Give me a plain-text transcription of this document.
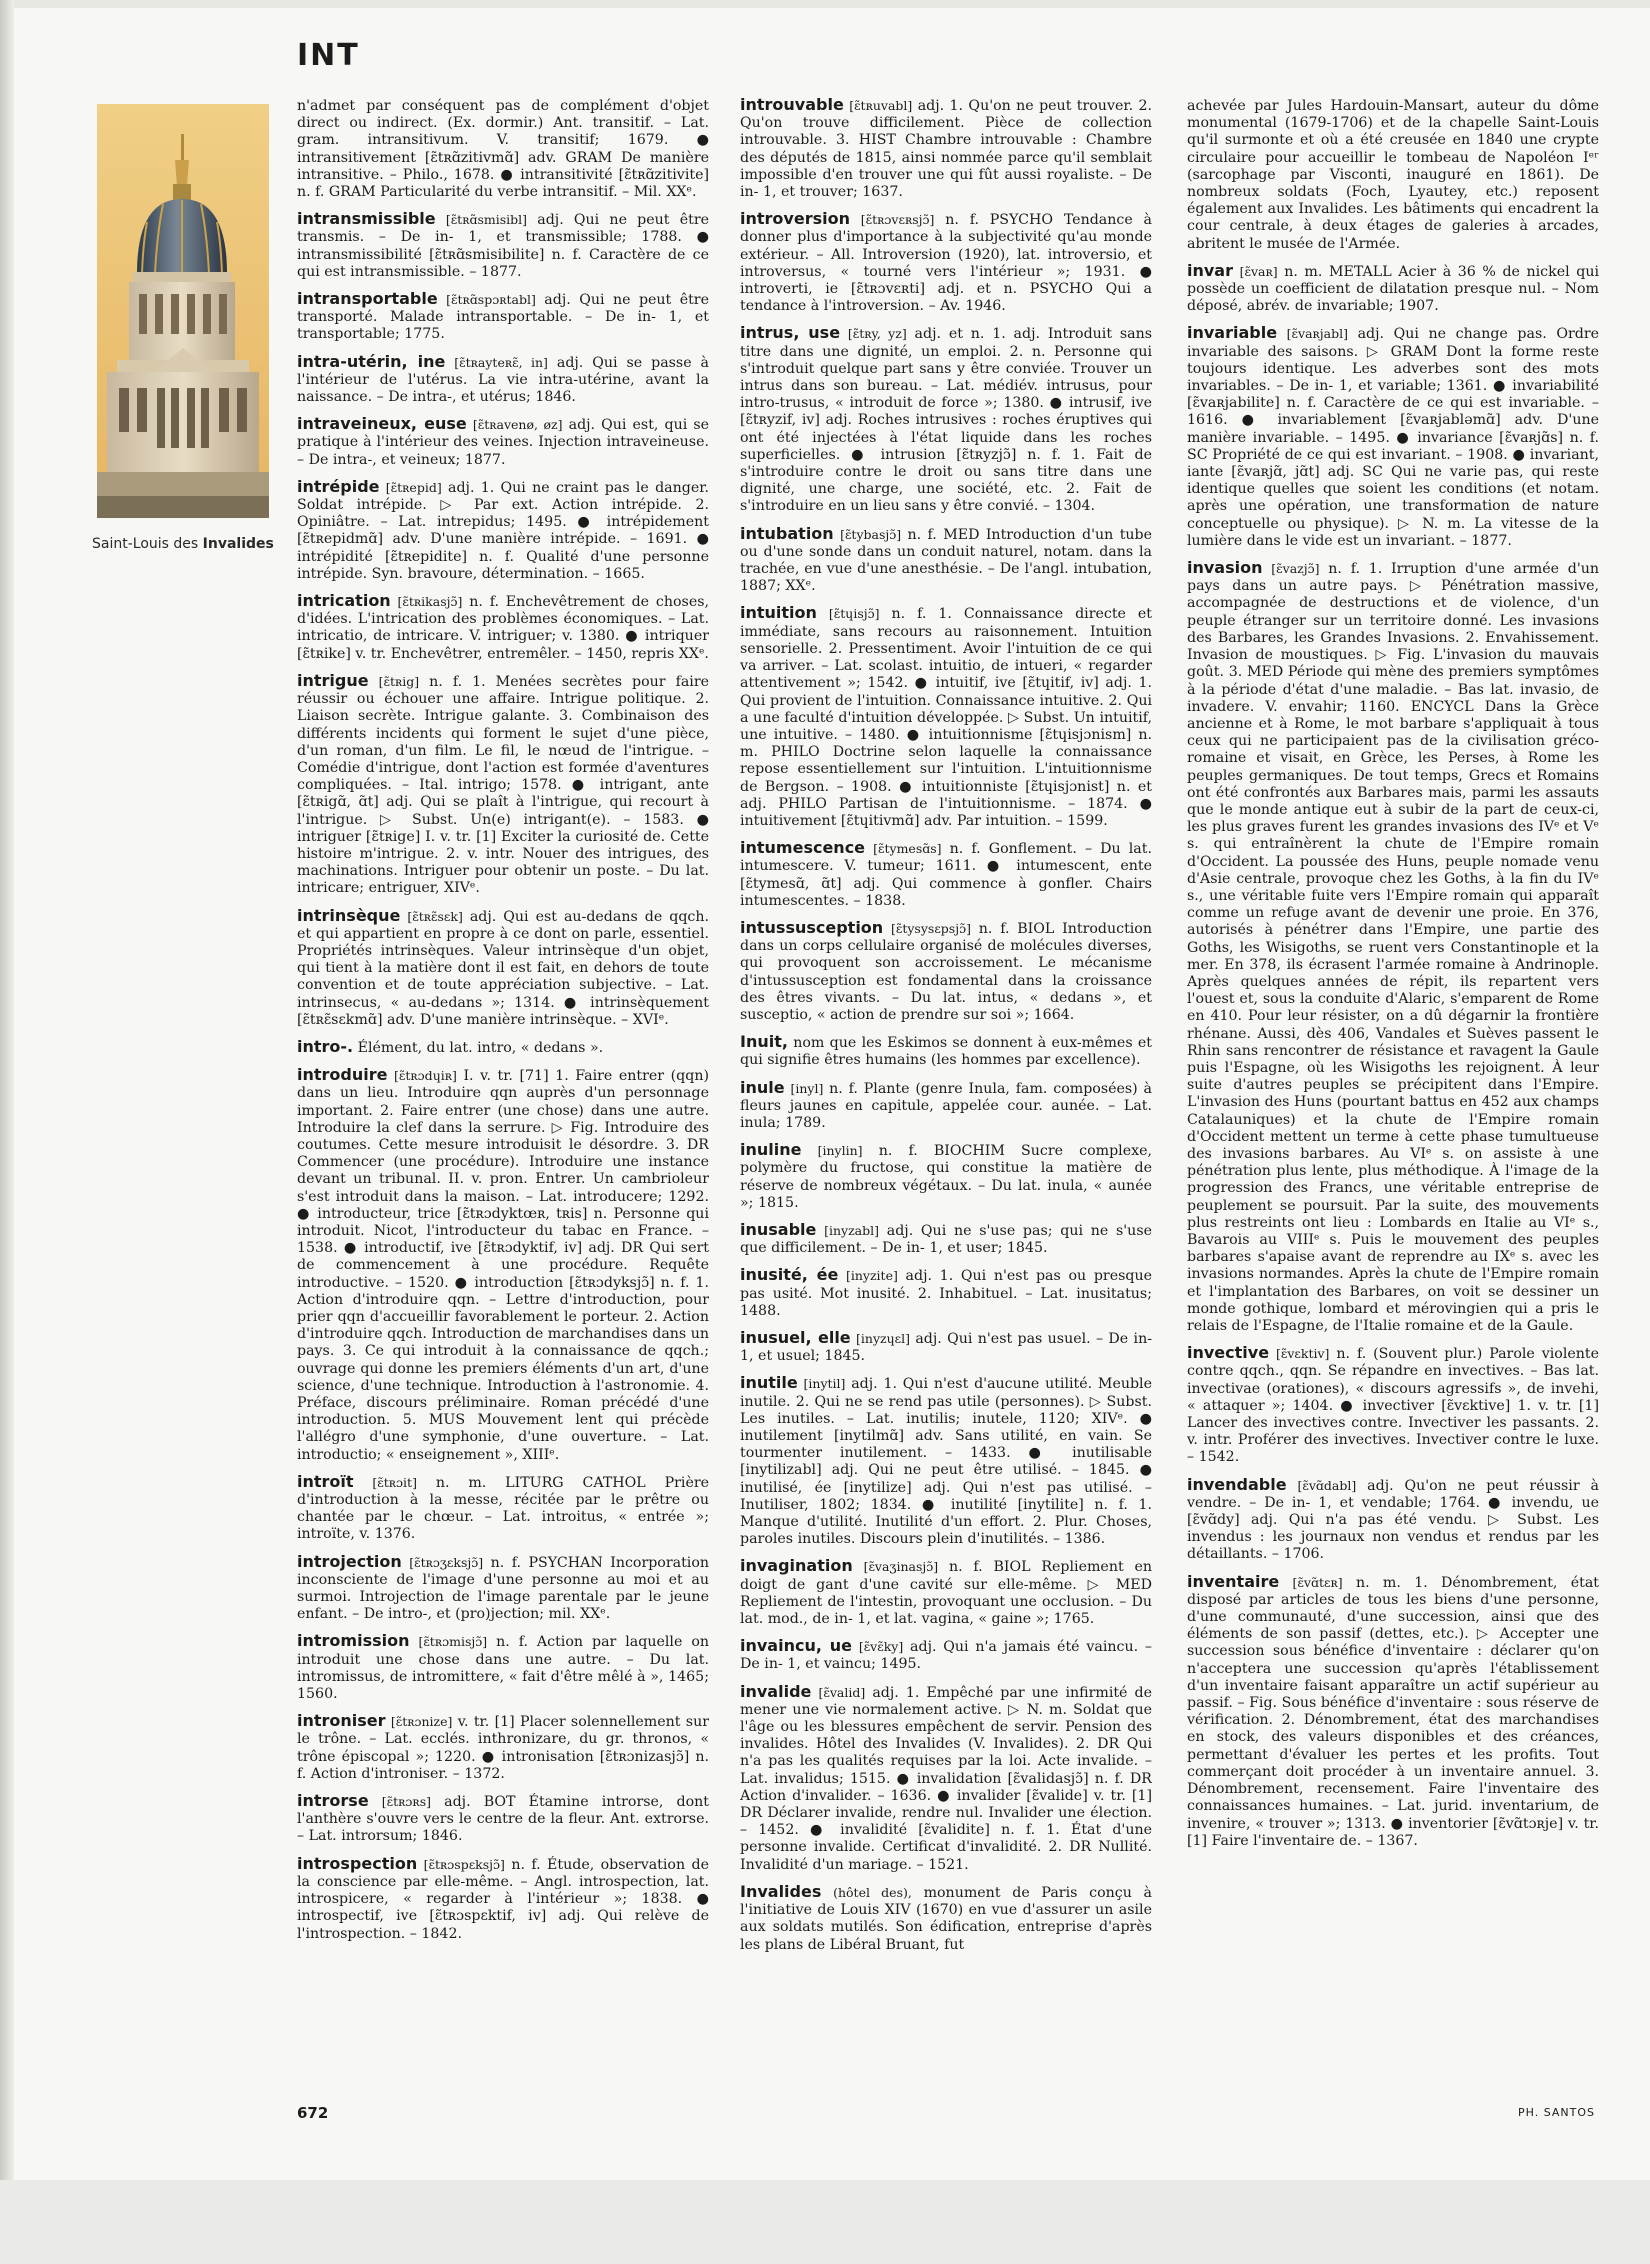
INT
Saint-Louis des Invalides

n'admet par conséquent pas de complément d'objet direct ou indirect. (Ex. dormir.) Ant. transitif. – Lat. gram. intransitivum. V. transitif; 1679. ● intransitivement [ɛ̃tʀɑ̃zitivmɑ̃] adv. GRAM De manière intransitive. – Philo., 1678. ● intransitivité [ɛ̃tʀɑ̃zitivite] n. f. GRAM Particularité du verbe intransitif. – Mil. XXᵉ.

intransmissible [ɛ̃tʀɑ̃smisibl] adj. Qui ne peut être transmis. – De in- 1, et transmissible; 1788. ● intransmissibilité [ɛ̃tʀɑ̃smisibilite] n. f. Caractère de ce qui est intransmissible. – 1877.

intransportable [ɛ̃tʀɑ̃spɔʀtabl] adj. Qui ne peut être transporté. Malade intransportable. – De in- 1, et transportable; 1775.

intra-utérin, ine [ɛ̃tʀayteʀɛ̃, in] adj. Qui se passe à l'intérieur de l'utérus. La vie intra-utérine, avant la naissance. – De intra-, et utérus; 1846.

intraveineux, euse [ɛ̃tʀavenø, øz] adj. Qui est, qui se pratique à l'intérieur des veines. Injection intraveineuse. – De intra-, et veineux; 1877.

intrépide [ɛ̃tʀepid] adj. 1. Qui ne craint pas le danger. Soldat intrépide. ▷ Par ext. Action intrépide. 2. Opiniâtre. – Lat. intrepidus; 1495. ● intrépidement [ɛ̃tʀepidmɑ̃] adv. D'une manière intrépide. – 1691. ● intrépidité [ɛ̃tʀepidite] n. f. Qualité d'une personne intrépide. Syn. bravoure, détermination. – 1665.

intrication [ɛ̃tʀikasjɔ̃] n. f. Enchevêtrement de choses, d'idées. L'intrication des problèmes économiques. – Lat. intricatio, de intricare. V. intriguer; v. 1380. ● intriquer [ɛ̃tʀike] v. tr. Enchevêtrer, entremêler. – 1450, repris XXᵉ.

intrigue [ɛ̃tʀig] n. f. 1. Menées secrètes pour faire réussir ou échouer une affaire. Intrigue politique. 2. Liaison secrète. Intrigue galante. 3. Combinaison des différents incidents qui forment le sujet d'une pièce, d'un roman, d'un film. Le fil, le nœud de l'intrigue. – Comédie d'intrigue, dont l'action est formée d'aventures compliquées. – Ital. intrigo; 1578. ● intrigant, ante [ɛ̃tʀigɑ̃, ɑ̃t] adj. Qui se plaît à l'intrigue, qui recourt à l'intrigue. ▷ Subst. Un(e) intrigant(e). – 1583. ● intriguer [ɛ̃tʀige] I. v. tr. [1] Exciter la curiosité de. Cette histoire m'intrigue. 2. v. intr. Nouer des intrigues, des machinations. Intriguer pour obtenir un poste. – Du lat. intricare; entriguer, XIVᵉ.

intrinsèque [ɛ̃tʀɛ̃sɛk] adj. Qui est au-dedans de qqch. et qui appartient en propre à ce dont on parle, essentiel. Propriétés intrinsèques. Valeur intrinsèque d'un objet, qui tient à la matière dont il est fait, en dehors de toute convention et de toute appréciation subjective. – Lat. intrinsecus, « au-dedans »; 1314. ● intrinsèquement [ɛ̃tʀɛ̃sɛkmɑ̃] adv. D'une manière intrinsèque. – XVIᵉ.

intro-. Élément, du lat. intro, « dedans ».

introduire [ɛ̃tʀɔdɥiʀ] I. v. tr. [71] 1. Faire entrer (qqn) dans un lieu. Introduire qqn auprès d'un personnage important. 2. Faire entrer (une chose) dans une autre. Introduire la clef dans la serrure. ▷ Fig. Introduire des coutumes. Cette mesure introduisit le désordre. 3. DR Commencer (une procédure). Introduire une instance devant un tribunal. II. v. pron. Entrer. Un cambrioleur s'est introduit dans la maison. – Lat. introducere; 1292. ● introducteur, trice [ɛ̃tʀɔdyktœʀ, tʀis] n. Personne qui introduit. Nicot, l'introducteur du tabac en France. – 1538. ● introductif, ive [ɛ̃tʀɔdyktif, iv] adj. DR Qui sert de commencement à une procédure. Requête introductive. – 1520. ● introduction [ɛ̃tʀɔdyksjɔ̃] n. f. 1. Action d'introduire qqn. – Lettre d'introduction, pour prier qqn d'accueillir favorablement le porteur. 2. Action d'introduire qqch. Introduction de marchandises dans un pays. 3. Ce qui introduit à la connaissance de qqch.; ouvrage qui donne les premiers éléments d'un art, d'une science, d'une technique. Introduction à l'astronomie. 4. Préface, discours préliminaire. Roman précédé d'une introduction. 5. MUS Mouvement lent qui précède l'allégro d'une symphonie, d'une ouverture. – Lat. introductio; « enseignement », XIIIᵉ.

introït [ɛ̃tʀɔit] n. m. LITURG CATHOL Prière d'introduction à la messe, récitée par le prêtre ou chantée par le chœur. – Lat. introitus, « entrée »; introïte, v. 1376.

introjection [ɛ̃tʀɔʒɛksjɔ̃] n. f. PSYCHAN Incorporation inconsciente de l'image d'une personne au moi et au surmoi. Introjection de l'image parentale par le jeune enfant. – De intro-, et (pro)jection; mil. XXᵉ.

intromission [ɛ̃tʀɔmisjɔ̃] n. f. Action par laquelle on introduit une chose dans une autre. – Du lat. intromissus, de intromittere, « fait d'être mêlé à », 1465; 1560.

introniser [ɛ̃tʀɔnize] v. tr. [1] Placer solennellement sur le trône. – Lat. ecclés. inthronizare, du gr. thronos, « trône épiscopal »; 1220. ● intronisation [ɛ̃tʀɔnizasjɔ̃] n. f. Action d'introniser. – 1372.

introrse [ɛ̃tʀɔʀs] adj. BOT Étamine introrse, dont l'anthère s'ouvre vers le centre de la fleur. Ant. extrorse. – Lat. introrsum; 1846.

introspection [ɛ̃tʀɔspɛksjɔ̃] n. f. Étude, observation de la conscience par elle-même. – Angl. introspection, lat. introspicere, « regarder à l'intérieur »; 1838. ● introspectif, ive [ɛ̃tʀɔspɛktif, iv] adj. Qui relève de l'introspection. – 1842.

introuvable [ɛ̃tʀuvabl] adj. 1. Qu'on ne peut trouver. 2. Qu'on trouve difficilement. Pièce de collection introuvable. 3. HIST Chambre introuvable : Chambre des députés de 1815, ainsi nommée parce qu'il semblait impossible d'en trouver une qui fût aussi royaliste. – De in- 1, et trouver; 1637.

introversion [ɛ̃tʀɔvɛʀsjɔ̃] n. f. PSYCHO Tendance à donner plus d'importance à la subjectivité qu'au monde extérieur. – All. Introversion (1920), lat. introversio, et introversus, « tourné vers l'intérieur »; 1931. ● introverti, ie [ɛ̃tʀɔvɛʀti] adj. et n. PSYCHO Qui a tendance à l'introversion. – Av. 1946.

intrus, use [ɛ̃tʀy, yz] adj. et n. 1. adj. Introduit sans titre dans une dignité, un emploi. 2. n. Personne qui s'introduit quelque part sans y être conviée. Trouver un intrus dans son bureau. – Lat. médiév. intrusus, pour intro-trusus, « introduit de force »; 1380. ● intrusif, ive [ɛ̃tʀyzif, iv] adj. Roches intrusives : roches éruptives qui ont été injectées à l'état liquide dans les roches superficielles. ● intrusion [ɛ̃tʀyzjɔ̃] n. f. 1. Fait de s'introduire contre le droit ou sans titre dans une dignité, une charge, une société, etc. 2. Fait de s'introduire en un lieu sans y être convié. – 1304.

intubation [ɛ̃tybasjɔ̃] n. f. MED Introduction d'un tube ou d'une sonde dans un conduit naturel, notam. dans la trachée, en vue d'une anesthésie. – De l'angl. intubation, 1887; XXᵉ.

intuition [ɛ̃tɥisjɔ̃] n. f. 1. Connaissance directe et immédiate, sans recours au raisonnement. Intuition sensorielle. 2. Pressentiment. Avoir l'intuition de ce qui va arriver. – Lat. scolast. intuitio, de intueri, « regarder attentivement »; 1542. ● intuitif, ive [ɛ̃tɥitif, iv] adj. 1. Qui provient de l'intuition. Connaissance intuitive. 2. Qui a une faculté d'intuition développée. ▷ Subst. Un intuitif, une intuitive. – 1480. ● intuitionnisme [ɛ̃tɥisjɔnism] n. m. PHILO Doctrine selon laquelle la connaissance repose essentiellement sur l'intuition. L'intuitionnisme de Bergson. – 1908. ● intuitionniste [ɛ̃tɥisjɔnist] n. et adj. PHILO Partisan de l'intuitionnisme. – 1874. ● intuitivement [ɛ̃tɥitivmɑ̃] adv. Par intuition. – 1599.

intumescence [ɛ̃tymesɑ̃s] n. f. Gonflement. – Du lat. intumescere. V. tumeur; 1611. ● intumescent, ente [ɛ̃tymesɑ̃, ɑ̃t] adj. Qui commence à gonfler. Chairs intumescentes. – 1838.

intussusception [ɛ̃tysysɛpsjɔ̃] n. f. BIOL Introduction dans un corps cellulaire organisé de molécules diverses, qui provoquent son accroissement. Le mécanisme d'intussusception est fondamental dans la croissance des êtres vivants. – Du lat. intus, « dedans », et susceptio, « action de prendre sur soi »; 1664.

Inuit, nom que les Eskimos se donnent à eux-mêmes et qui signifie êtres humains (les hommes par excellence).

inule [inyl] n. f. Plante (genre Inula, fam. composées) à fleurs jaunes en capitule, appelée cour. aunée. – Lat. inula; 1789.

inuline [inylin] n. f. BIOCHIM Sucre complexe, polymère du fructose, qui constitue la matière de réserve de nombreux végétaux. – Du lat. inula, « aunée »; 1815.

inusable [inyzabl] adj. Qui ne s'use pas; qui ne s'use que difficilement. – De in- 1, et user; 1845.

inusité, ée [inyzite] adj. 1. Qui n'est pas ou presque pas usité. Mot inusité. 2. Inhabituel. – Lat. inusitatus; 1488.

inusuel, elle [inyzɥɛl] adj. Qui n'est pas usuel. – De in- 1, et usuel; 1845.

inutile [inytil] adj. 1. Qui n'est d'aucune utilité. Meuble inutile. 2. Qui ne se rend pas utile (personnes). ▷ Subst. Les inutiles. – Lat. inutilis; inutele, 1120; XIVᵉ. ● inutilement [inytilmɑ̃] adv. Sans utilité, en vain. Se tourmenter inutilement. – 1433. ● inutilisable [inytilizabl] adj. Qui ne peut être utilisé. – 1845. ● inutilisé, ée [inytilize] adj. Qui n'est pas utilisé. – Inutiliser, 1802; 1834. ● inutilité [inytilite] n. f. 1. Manque d'utilité. Inutilité d'un effort. 2. Plur. Choses, paroles inutiles. Discours plein d'inutilités. – 1386.

invagination [ɛ̃vaʒinasjɔ̃] n. f. BIOL Repliement en doigt de gant d'une cavité sur elle-même. ▷ MED Repliement de l'intestin, provoquant une occlusion. – Du lat. mod., de in- 1, et lat. vagina, « gaine »; 1765.

invaincu, ue [ɛ̃vɛ̃ky] adj. Qui n'a jamais été vaincu. – De in- 1, et vaincu; 1495.

invalide [ɛ̃valid] adj. 1. Empêché par une infirmité de mener une vie normalement active. ▷ N. m. Soldat que l'âge ou les blessures empêchent de servir. Pension des invalides. Hôtel des Invalides (V. Invalides). 2. DR Qui n'a pas les qualités requises par la loi. Acte invalide. – Lat. invalidus; 1515. ● invalidation [ɛ̃validasjɔ̃] n. f. DR Action d'invalider. – 1636. ● invalider [ɛ̃valide] v. tr. [1] DR Déclarer invalide, rendre nul. Invalider une élection. – 1452. ● invalidité [ɛ̃validite] n. f. 1. État d'une personne invalide. Certificat d'invalidité. 2. DR Nullité. Invalidité d'un mariage. – 1521.

Invalides (hôtel des), monument de Paris conçu à l'initiative de Louis XIV (1670) en vue d'assurer un asile aux soldats mutilés. Son édification, entreprise d'après les plans de Libéral Bruant, fut

achevée par Jules Hardouin-Mansart, auteur du dôme monumental (1679-1706) et de la chapelle Saint-Louis qu'il surmonte et où a été creusée en 1840 une crypte circulaire pour accueillir le tombeau de Napoléon Iᵉʳ (sarcophage par Visconti, inauguré en 1861). De nombreux soldats (Foch, Lyautey, etc.) reposent également aux Invalides. Les bâtiments qui encadrent la cour centrale, à deux étages de galeries à arcades, abritent le musée de l'Armée.

invar [ɛ̃vaʀ] n. m. METALL Acier à 36 % de nickel qui possède un coefficient de dilatation presque nul. – Nom déposé, abrév. de invariable; 1907.

invariable [ɛ̃vaʀjabl] adj. Qui ne change pas. Ordre invariable des saisons. ▷ GRAM Dont la forme reste toujours identique. Les adverbes sont des mots invariables. – De in- 1, et variable; 1361. ● invariabilité [ɛ̃vaʀjabilite] n. f. Caractère de ce qui est invariable. – 1616. ● invariablement [ɛ̃vaʀjabləmɑ̃] adv. D'une manière invariable. – 1495. ● invariance [ɛ̃vaʀjɑ̃s] n. f. SC Propriété de ce qui est invariant. – 1908. ● invariant, iante [ɛ̃vaʀjɑ̃, jɑ̃t] adj. SC Qui ne varie pas, qui reste identique quelles que soient les conditions (et notam. après une opération, une transformation de nature conceptuelle ou physique). ▷ N. m. La vitesse de la lumière dans le vide est un invariant. – 1877.

invasion [ɛ̃vazjɔ̃] n. f. 1. Irruption d'une armée d'un pays dans un autre pays. ▷ Pénétration massive, accompagnée de destructions et de violence, d'un peuple étranger sur un territoire donné. Les invasions des Barbares, les Grandes Invasions. 2. Envahissement. Invasion de moustiques. ▷ Fig. L'invasion du mauvais goût. 3. MED Période qui mène des premiers symptômes à la période d'état d'une maladie. – Bas lat. invasio, de invadere. V. envahir; 1160. ENCYCL Dans la Grèce ancienne et à Rome, le mot barbare s'appliquait à tous ceux qui ne participaient pas de la civilisation gréco-romaine et visait, en Grèce, les Perses, à Rome les peuples germaniques. De tout temps, Grecs et Romains ont été confrontés aux Barbares mais, parmi les assauts que le monde antique eut à subir de la part de ceux-ci, les plus graves furent les grandes invasions des IVᵉ et Vᵉ s. qui entraînèrent la chute de l'Empire romain d'Occident. La poussée des Huns, peuple nomade venu d'Asie centrale, provoque chez les Goths, à la fin du IVᵉ s., une véritable fuite vers l'Empire romain qui apparaît comme un refuge avant de devenir une proie. En 376, autorisés à pénétrer dans l'Empire, une partie des Goths, les Wisigoths, se ruent vers Constantinople et la mer. En 378, ils écrasent l'armée romaine à Andrinople. Après quelques années de répit, ils repartent vers l'ouest et, sous la conduite d'Alaric, s'emparent de Rome en 410. Pour leur résister, on a dû dégarnir la frontière rhénane. Aussi, dès 406, Vandales et Suèves passent le Rhin sans rencontrer de résistance et ravagent la Gaule puis l'Espagne, où les Wisigoths les rejoignent. À leur suite d'autres peuples se précipitent dans l'Empire. L'invasion des Huns (pourtant battus en 452 aux champs Catalauniques) et la chute de l'Empire romain d'Occident mettent un terme à cette phase tumultueuse des invasions barbares. Au VIᵉ s. on assiste à une pénétration plus lente, plus méthodique. À l'image de la progression des Francs, une véritable entreprise de peuplement se poursuit. Par la suite, des mouvements plus restreints ont lieu : Lombards en Italie au VIᵉ s., Bavarois au VIIIᵉ s. Puis le mouvement des peuples barbares s'apaise avant de reprendre au IXᵉ s. avec les invasions normandes. Après la chute de l'Empire romain et l'implantation des Barbares, on voit se dessiner un monde gothique, lombard et mérovingien qui a pris le relais de l'Espagne, de l'Italie romaine et de la Gaule.

invective [ɛ̃vɛktiv] n. f. (Souvent plur.) Parole violente contre qqch., qqn. Se répandre en invectives. – Bas lat. invectivae (orationes), « discours agressifs », de invehi, « attaquer »; 1404. ● invectiver [ɛ̃vɛktive] 1. v. tr. [1] Lancer des invectives contre. Invectiver les passants. 2. v. intr. Proférer des invectives. Invectiver contre le luxe. – 1542.

invendable [ɛ̃vɑ̃dabl] adj. Qu'on ne peut réussir à vendre. – De in- 1, et vendable; 1764. ● invendu, ue [ɛ̃vɑ̃dy] adj. Qui n'a pas été vendu. ▷ Subst. Les invendus : les journaux non vendus et rendus par les détaillants. – 1706.

inventaire [ɛ̃vɑ̃tɛʀ] n. m. 1. Dénombrement, état disposé par articles de tous les biens d'une personne, d'une communauté, d'une succession, ainsi que des éléments de son passif (dettes, etc.). ▷ Accepter une succession sous bénéfice d'inventaire : déclarer qu'on n'acceptera une succession qu'après l'établissement d'un inventaire faisant apparaître un actif supérieur au passif. – Fig. Sous bénéfice d'inventaire : sous réserve de vérification. 2. Dénombrement, état des marchandises en stock, des valeurs disponibles et des créances, permettant d'évaluer les pertes et les profits. Tout commerçant doit procéder à un inventaire annuel. 3. Dénombrement, recensement. Faire l'inventaire des connaissances humaines. – Lat. jurid. inventarium, de invenire, « trouver »; 1313. ● inventorier [ɛ̃vɑ̃tɔʀje] v. tr. [1] Faire l'inventaire de. – 1367.

672	PH. SANTOS
